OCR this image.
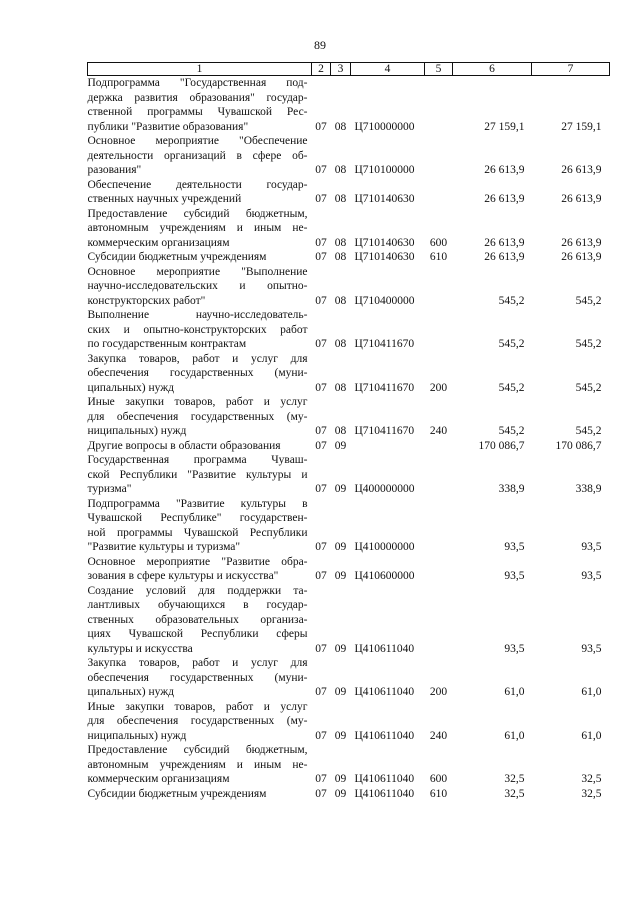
89
1	2	3	4	5	6	7

Подпрограмма "Государственная под-
держка развития образования" государ-
ственной программы Чувашской Рес-
публики "Развитие образования"	07	08	Ц710000000		27 159,1	27 159,1

Основное мероприятие "Обеспечение
деятельности организаций в сфере об-
разования"	07	08	Ц710100000		26 613,9	26 613,9

Обеспечение деятельности государ-
ственных научных учреждений	07	08	Ц710140630		26 613,9	26 613,9

Предоставление субсидий бюджетным,
автономным учреждениям и иным не-
коммерческим организациям	07	08	Ц710140630	600	26 613,9	26 613,9

Субсидии бюджетным учреждениям	07	08	Ц710140630	610	26 613,9	26 613,9

Основное мероприятие "Выполнение
научно-исследовательских и опытно-
конструкторских работ"	07	08	Ц710400000		545,2	545,2

Выполнение научно-исследователь-
ских и опытно-конструкторских работ
по государственным контрактам	07	08	Ц710411670		545,2	545,2

Закупка товаров, работ и услуг для
обеспечения государственных (муни-
ципальных) нужд	07	08	Ц710411670	200	545,2	545,2

Иные закупки товаров, работ и услуг
для обеспечения государственных (му-
ниципальных) нужд	07	08	Ц710411670	240	545,2	545,2

Другие вопросы в области образования	07	09			170 086,7	170 086,7

Государственная программа Чуваш-
ской Республики "Развитие культуры и
туризма"	07	09	Ц400000000		338,9	338,9

Подпрограмма "Развитие культуры в
Чувашской Республике" государствен-
ной программы Чувашской Республики
"Развитие культуры и туризма"	07	09	Ц410000000		93,5	93,5

Основное мероприятие "Развитие обра-
зования в сфере культуры и искусства"	07	09	Ц410600000		93,5	93,5

Создание условий для поддержки та-
лантливых обучающихся в государ-
ственных образовательных организа-
циях Чувашской Республики сферы
культуры и искусства	07	09	Ц410611040		93,5	93,5

Закупка товаров, работ и услуг для
обеспечения государственных (муни-
ципальных) нужд	07	09	Ц410611040	200	61,0	61,0

Иные закупки товаров, работ и услуг
для обеспечения государственных (му-
ниципальных) нужд	07	09	Ц410611040	240	61,0	61,0

Предоставление субсидий бюджетным,
автономным учреждениям и иным не-
коммерческим организациям	07	09	Ц410611040	600	32,5	32,5

Субсидии бюджетным учреждениям	07	09	Ц410611040	610	32,5	32,5
